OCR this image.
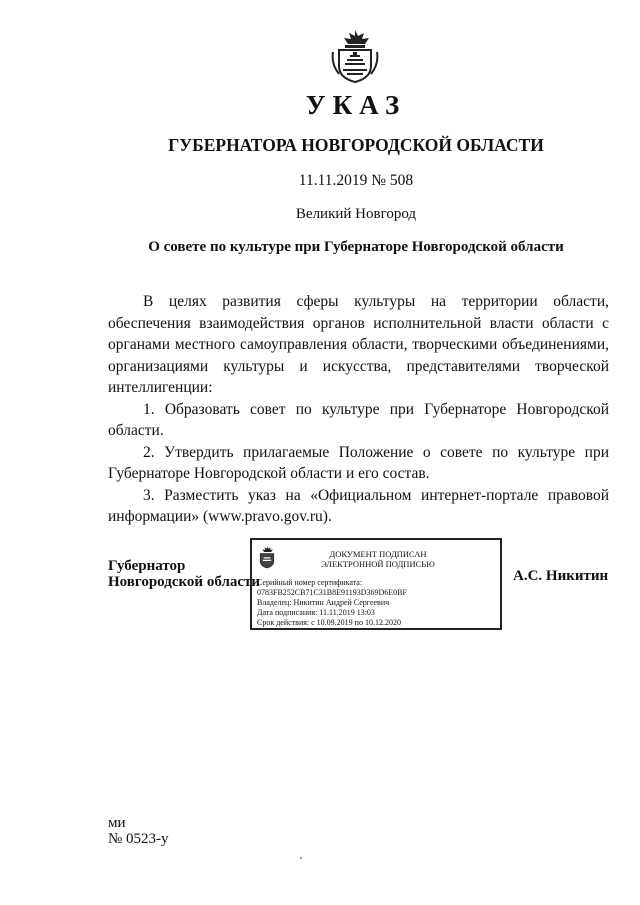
УКАЗ
ГУБЕРНАТОРА НОВГОРОДСКОЙ ОБЛАСТИ
11.11.2019 № 508
Великий Новгород
О совете по культуре при Губернаторе Новгородской области

В целях развития сферы культуры на территории области, обеспечения взаимодействия органов исполнительной власти области с органами местного самоуправления области, творческими объединениями, организациями культуры и искусства, представителями творческой интеллигенции:

1. Образовать совет по культуре при Губернаторе Новгородской области.

2. Утвердить прилагаемые Положение о совете по культуре при Губернаторе Новгородской области и его состав.

3. Разместить указ на «Официальном интернет-портале правовой информации» (www.pravo.gov.ru).

Губернатор
Новгородской области
ДОКУМЕНТ ПОДПИСАН
ЭЛЕКТРОННОЙ ПОДПИСЬЮ
Серийный номер сертификата:
0783FB252CB71C31B8E91193D369D6E0BF
Владелец: Никитин Андрей Сергеевич
Дата подписания: 11.11.2019 13:03
Срок действия: с 10.09.2019 по 10.12.2020
А.С. Никитин
ми
№ 0523-у
